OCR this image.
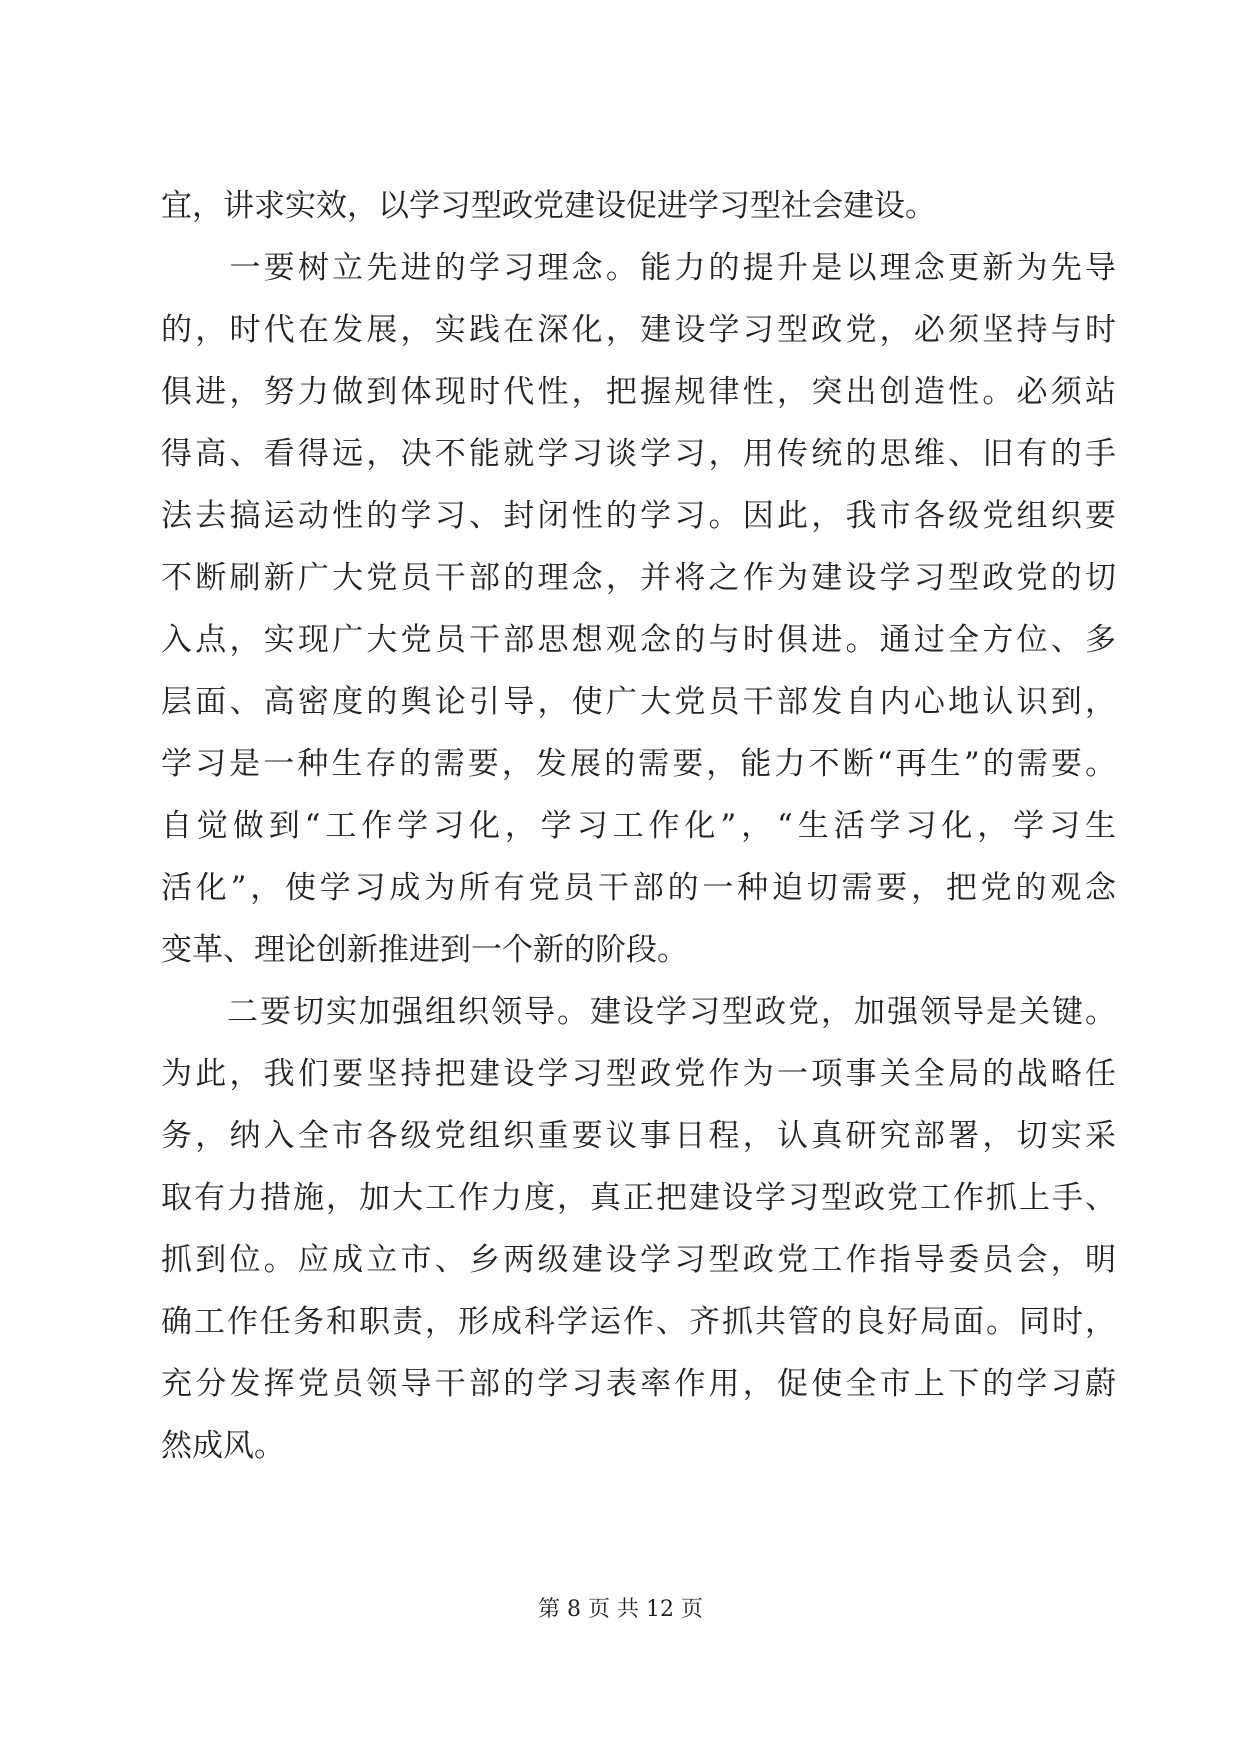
宜，讲求实效，以学习型政党建设促进学习型社会建设。
　　一要树立先进的学习理念。能力的提升是以理念更新为先导
的，时代在发展，实践在深化，建设学习型政党，必须坚持与时
俱进，努力做到体现时代性，把握规律性，突出创造性。必须站
得高、看得远，决不能就学习谈学习，用传统的思维、旧有的手
法去搞运动性的学习、封闭性的学习。因此，我市各级党组织要
不断刷新广大党员干部的理念，并将之作为建设学习型政党的切
入点，实现广大党员干部思想观念的与时俱进。通过全方位、多
层面、高密度的舆论引导，使广大党员干部发自内心地认识到，
学习是一种生存的需要，发展的需要，能力不断“再生”的需要。
自觉做到“工作学习化，学习工作化”，“生活学习化，学习生
活化”，使学习成为所有党员干部的一种迫切需要，把党的观念
变革、理论创新推进到一个新的阶段。
　　二要切实加强组织领导。建设学习型政党，加强领导是关键。
为此，我们要坚持把建设学习型政党作为一项事关全局的战略任
务，纳入全市各级党组织重要议事日程，认真研究部署，切实采
取有力措施，加大工作力度，真正把建设学习型政党工作抓上手、
抓到位。应成立市、乡两级建设学习型政党工作指导委员会，明
确工作任务和职责，形成科学运作、齐抓共管的良好局面。同时，
充分发挥党员领导干部的学习表率作用，促使全市上下的学习蔚
然成风。
第 8 页 共 12 页
